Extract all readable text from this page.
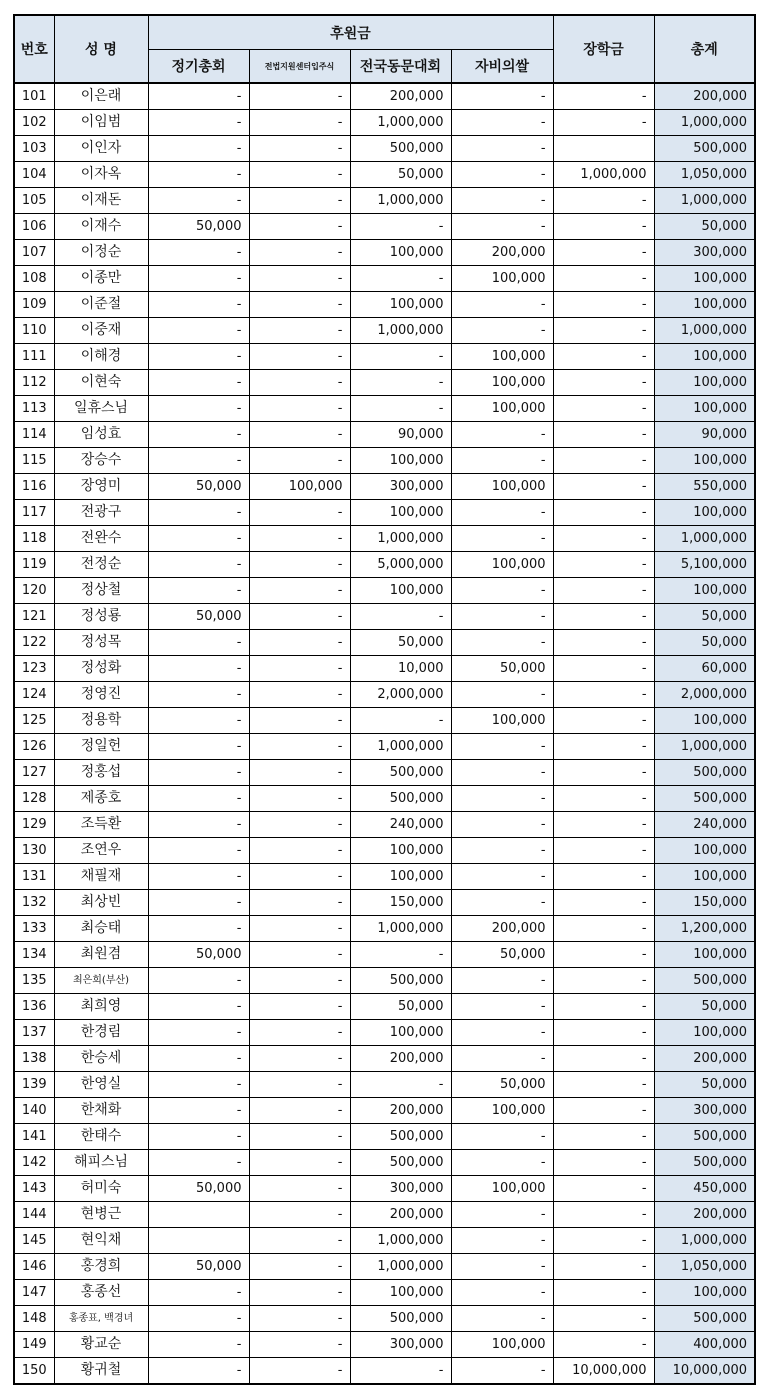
번호	성 명	후원금				장학금	총계
		정기총회	전법지원센터입주식	전국동문대회	자비의쌀		
101	이은래	-	-	200,000	-	-	200,000
102	이임범	-	-	1,000,000	-	-	1,000,000
103	이인자	-	-	500,000	-		500,000
104	이자옥	-	-	50,000	-	1,000,000	1,050,000
105	이재돈	-	-	1,000,000	-	-	1,000,000
106	이재수	50,000	-	-	-	-	50,000
107	이정순	-	-	100,000	200,000	-	300,000
108	이종만	-	-	-	100,000	-	100,000
109	이준절	-	-	100,000	-	-	100,000
110	이중재	-	-	1,000,000	-	-	1,000,000
111	이해경	-	-	-	100,000	-	100,000
112	이현숙	-	-	-	100,000	-	100,000
113	일휴스님	-	-	-	100,000	-	100,000
114	임성효	-	-	90,000	-	-	90,000
115	장승수	-	-	100,000	-	-	100,000
116	장영미	50,000	100,000	300,000	100,000	-	550,000
117	전광구	-	-	100,000	-	-	100,000
118	전완수	-	-	1,000,000	-	-	1,000,000
119	전정순	-	-	5,000,000	100,000	-	5,100,000
120	정상철	-	-	100,000	-	-	100,000
121	정성룡	50,000	-	-	-	-	50,000
122	정성목	-	-	50,000	-	-	50,000
123	정성화	-	-	10,000	50,000	-	60,000
124	정영진	-	-	2,000,000	-	-	2,000,000
125	정용학	-	-	-	100,000	-	100,000
126	정일헌	-	-	1,000,000	-	-	1,000,000
127	정홍섭	-	-	500,000	-	-	500,000
128	제종호	-	-	500,000	-	-	500,000
129	조득환	-	-	240,000	-	-	240,000
130	조연우	-	-	100,000	-	-	100,000
131	채필재	-	-	100,000	-	-	100,000
132	최상빈	-	-	150,000	-	-	150,000
133	최승태	-	-	1,000,000	200,000	-	1,200,000
134	최원겸	50,000	-	-	50,000	-	100,000
135	최은희(부산)	-	-	500,000	-	-	500,000
136	최희영	-	-	50,000	-	-	50,000
137	한경림	-	-	100,000	-	-	100,000
138	한승세	-	-	200,000	-	-	200,000
139	한영실	-	-	-	50,000	-	50,000
140	한채화	-	-	200,000	100,000	-	300,000
141	한태수	-	-	500,000	-	-	500,000
142	해피스님	-	-	500,000	-	-	500,000
143	허미숙	50,000	-	300,000	100,000	-	450,000
144	현병근		-	200,000	-	-	200,000
145	현익채		-	1,000,000	-	-	1,000,000
146	홍경희	50,000	-	1,000,000	-	-	1,050,000
147	홍종선	-	-	100,000	-	-	100,000
148	홍종표, 백경녀	-	-	500,000	-	-	500,000
149	황교순	-	-	300,000	100,000	-	400,000
150	황귀철	-	-	-	-	10,000,000	10,000,000
